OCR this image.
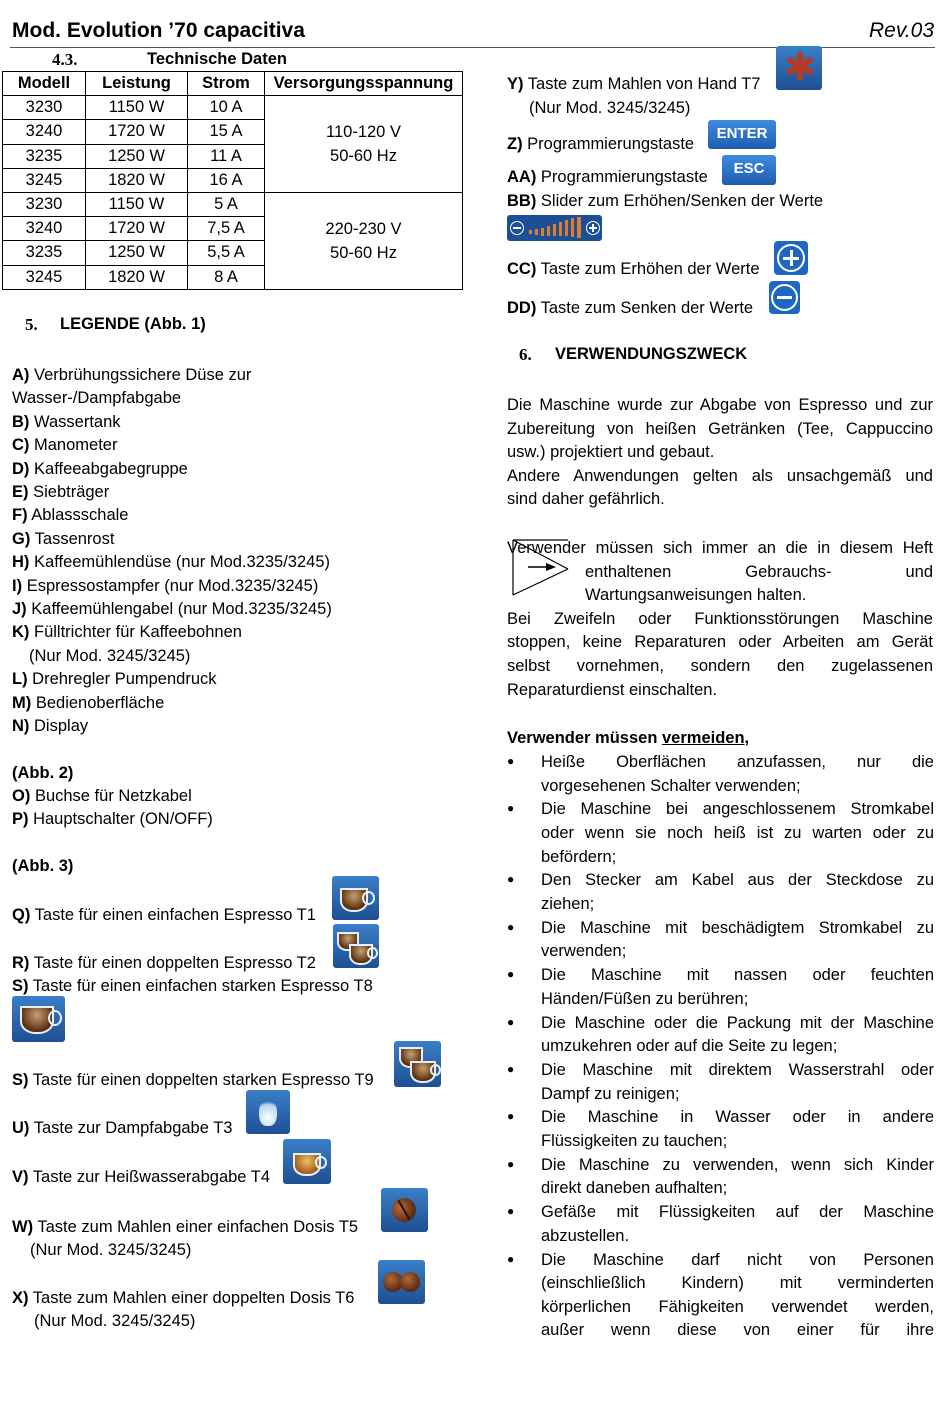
Mod. Evolution ’70 capacitiva	Rev.03
4.3.	Technische Daten
Modell	Leistung	Strom	Versorgungsspannung
3230	1150 W	10 A	110-120 V
50-60 Hz

3240	1720 W	15 A	
3235	1250 W	11 A	
3245	1820 W	16 A	
3230	1150 W	5 A	220-230 V
50-60 Hz

3240	1720 W	7,5 A	
3235	1250 W	5,5 A	
3245	1820 W	8 A	
5. LEGENDE (Abb. 1)
A) Verbrühungssichere Düse zur
Wasser-/Dampfabgabe
B) Wassertank
C) Manometer
D) Kaffeeabgabegruppe
E) Siebträger
F) Ablassschale
G) Tassenrost
H) Kaffeemühlendüse (nur Mod.3235/3245)
I) Espressostampfer (nur Mod.3235/3245)
J) Kaffeemühlengabel (nur Mod.3235/3245)
K) Fülltrichter für Kaffeebohnen
(Nur Mod. 3245/3245)
L) Drehregler Pumpendruck
M) Bedienoberfläche
N) Display
(Abb. 2)
O) Buchse für Netzkabel
P) Hauptschalter (ON/OFF)
(Abb. 3)
Q) Taste für einen einfachen Espresso T1
R) Taste für einen doppelten Espresso T2
S) Taste für einen einfachen starken Espresso T8
S) Taste für einen doppelten starken Espresso T9
U) Taste zur Dampfabgabe T3
V) Taste zur Heißwasserabgabe T4
W) Taste zum Mahlen einer einfachen Dosis T5
(Nur Mod. 3245/3245)
X) Taste zum Mahlen einer doppelten Dosis T6
(Nur Mod. 3245/3245)
Y) Taste zum Mahlen von Hand T7
(Nur Mod. 3245/3245)
✱
Z) Programmierungstaste
ENTER
AA) Programmierungstaste	ESC
BB) Slider zum Erhöhen/Senken der Werte
CC) Taste zum Erhöhen der Werte
DD) Taste zum Senken der Werte
6. VERWENDUNGSZWECK
Die Maschine wurde zur Abgabe von Espresso und zur
Zubereitung von heißen Getränken (Tee, Cappuccino
usw.) projektiert und gebaut.
Andere Anwendungen gelten als unsachgemäß und
sind daher gefährlich.
Verwender müssen sich immer an die in diesem Heft
enthaltenen Gebrauchs- und
Wartungsanweisungen halten.
Bei Zweifeln oder Funktionsstörungen Maschine
stoppen, keine Reparaturen oder Arbeiten am Gerät
selbst vornehmen, sondern den zugelassenen
Reparaturdienst einschalten.
Verwender müssen vermeiden,
● Heiße Oberflächen anzufassen, nur die
vorgesehenen Schalter verwenden;
● Die Maschine bei angeschlossenem Stromkabel
oder wenn sie noch heiß ist zu warten oder zu
befördern;
● Den Stecker am Kabel aus der Steckdose zu
ziehen;
● Die Maschine mit beschädigtem Stromkabel zu
verwenden;
● Die Maschine mit nassen oder feuchten
Händen/Füßen zu berühren;
● Die Maschine oder die Packung mit der Maschine
umzukehren oder auf die Seite zu legen;
● Die Maschine mit direktem Wasserstrahl oder
Dampf zu reinigen;
● Die Maschine in Wasser oder in andere
Flüssigkeiten zu tauchen;
● Die Maschine zu verwenden, wenn sich Kinder
direkt daneben aufhalten;
● Gefäße mit Flüssigkeiten auf der Maschine
abzustellen.
● Die Maschine darf nicht von Personen
(einschließlich Kindern) mit verminderten
körperlichen Fähigkeiten verwendet werden,
außer wenn diese von einer für ihre
